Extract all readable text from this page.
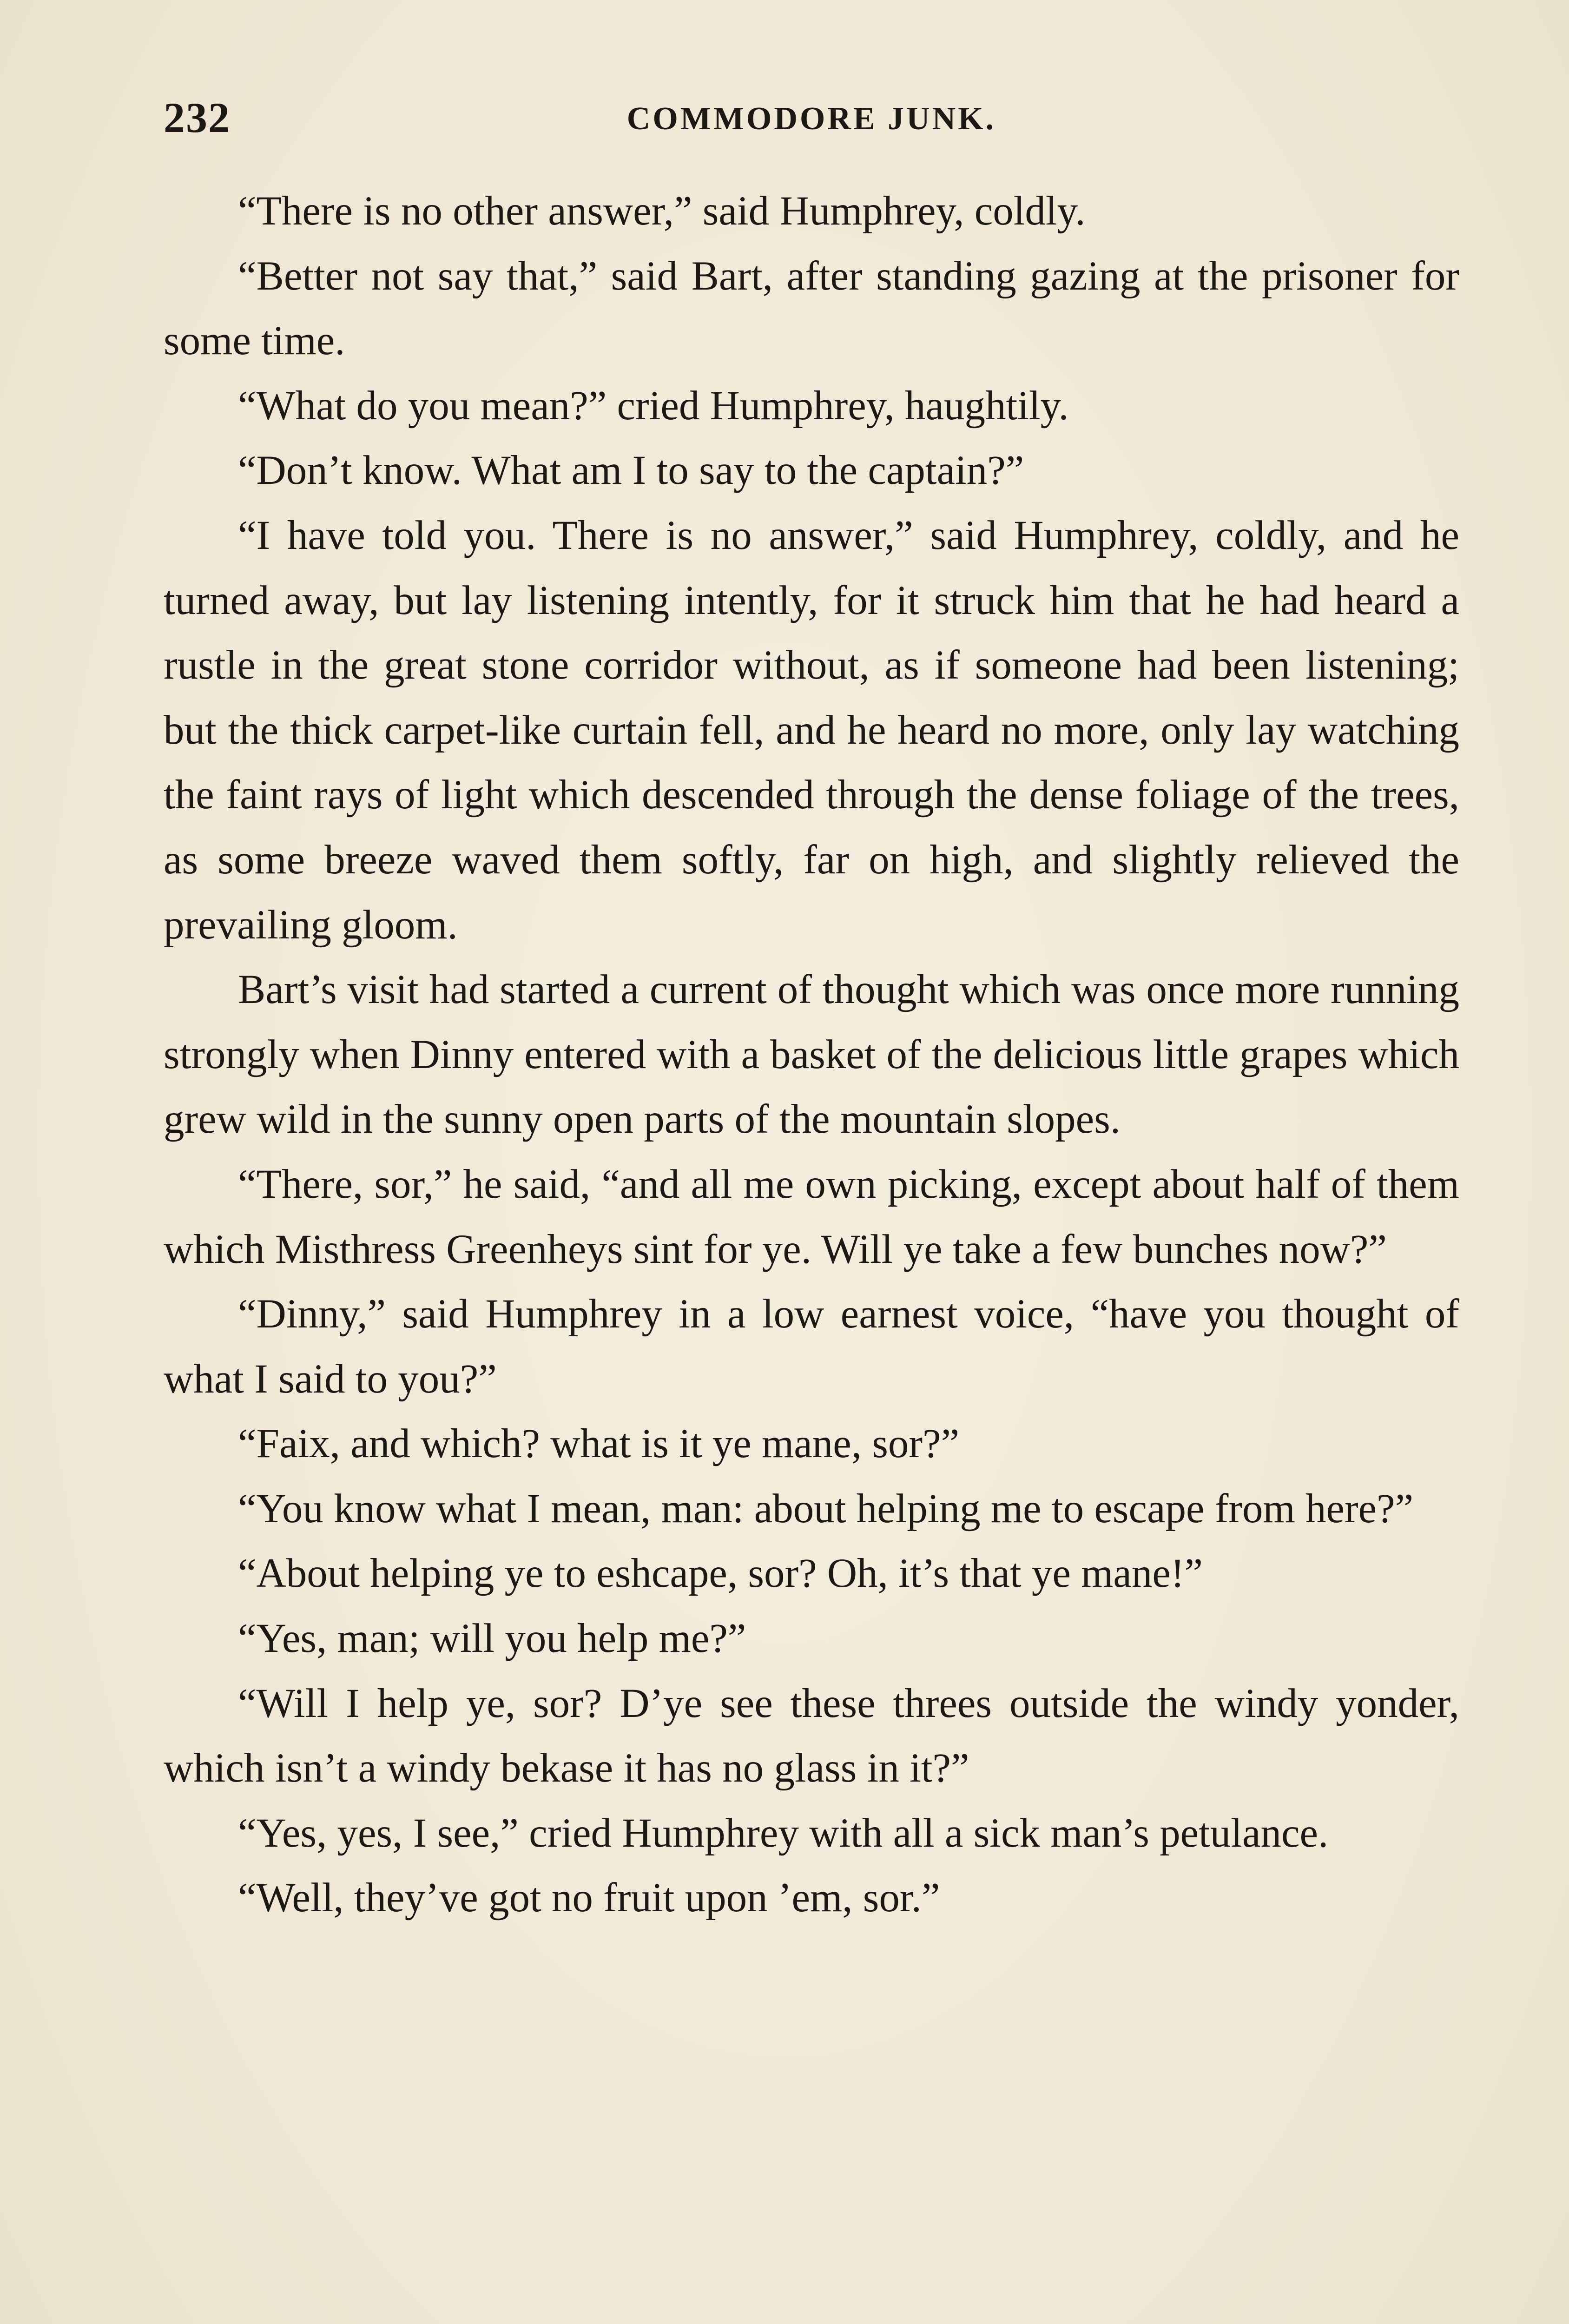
232	COMMODORE JUNK.

“There is no other answer,” said Humphrey, coldly.

“Better not say that,” said Bart, after standing gazing at the prisoner for some time.

“What do you mean?” cried Humphrey, haughtily.

“Don’t know. What am I to say to the captain?”

“I have told you. There is no answer,” said Humphrey, coldly, and he turned away, but lay listening intently, for it struck him that he had heard a rustle in the great stone corridor without, as if someone had been listening; but the thick carpet-like curtain fell, and he heard no more, only lay watching the faint rays of light which descended through the dense foliage of the trees, as some breeze waved them softly, far on high, and slightly relieved the prevailing gloom.

Bart’s visit had started a current of thought which was once more running strongly when Dinny entered with a basket of the delicious little grapes which grew wild in the sunny open parts of the mountain slopes.

“There, sor,” he said, “and all me own picking, except about half of them which Misthress Greenheys sint for ye. Will ye take a few bunches now?”

“Dinny,” said Humphrey in a low earnest voice, “have you thought of what I said to you?”

“Faix, and which? what is it ye mane, sor?”

“You know what I mean, man: about helping me to escape from here?”

“About helping ye to eshcape, sor? Oh, it’s that ye mane!”

“Yes, man; will you help me?”

“Will I help ye, sor? D’ye see these threes outside the windy yonder, which isn’t a windy bekase it has no glass in it?”

“Yes, yes, I see,” cried Humphrey with all a sick man’s petulance.

“Well, they’ve got no fruit upon ’em, sor.”
